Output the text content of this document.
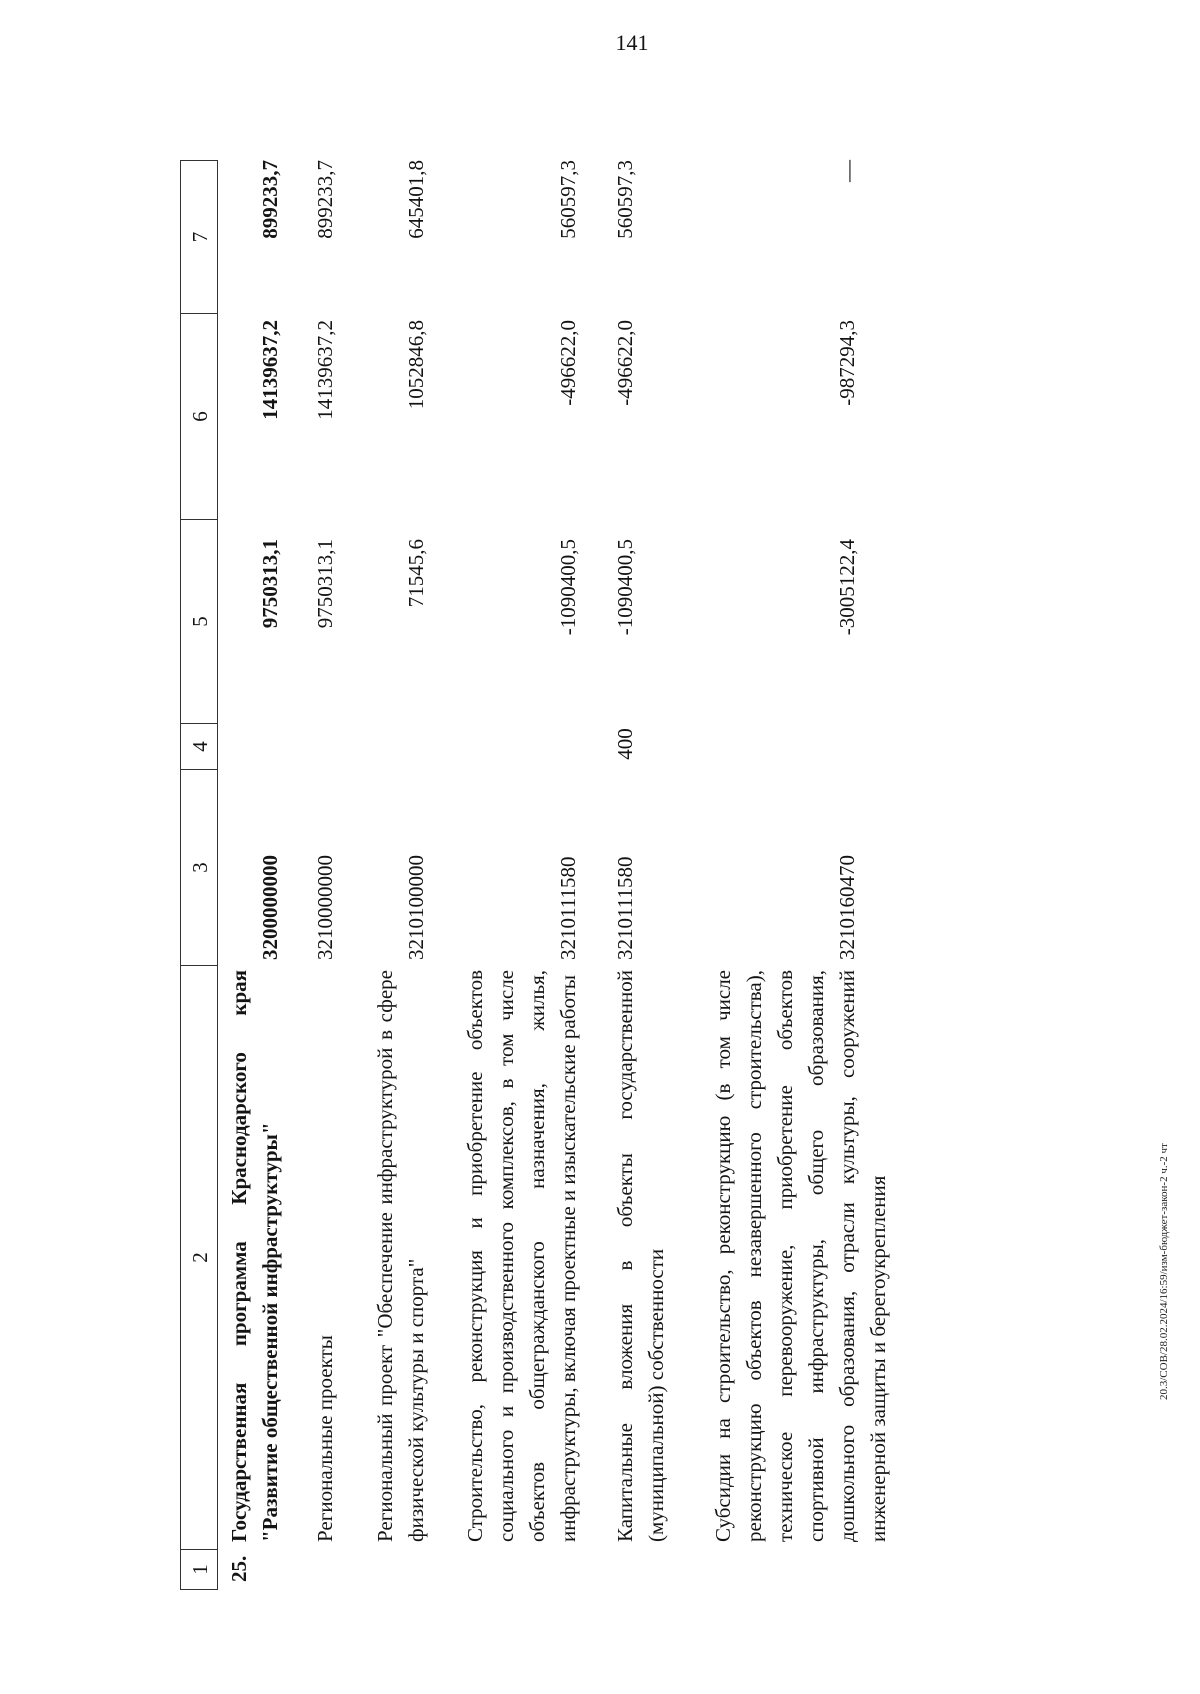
141
1
2
3
4
5
6
7
25.
Государственная программа Краснодарского края "Развитие общественной инфраструктуры"
3200000000
9750313,1
14139637,2
899233,7
Региональные проекты
3210000000
9750313,1
14139637,2
899233,7
Региональный проект "Обеспечение инфраструктурой в сфере физической культуры и спорта"
3210100000
71545,6
1052846,8
645401,8
Строительство, реконструкция и приобретение объектов социального и производственного комплексов, в том числе объектов общегражданского назначения, жилья, инфраструктуры, включая проектные и изыскательские работы
3210111580
-1090400,5
-496622,0
560597,3
Капитальные вложения в объекты государственной (муниципальной) собственности
3210111580
400
-1090400,5
-496622,0
560597,3
Субсидии на строительство, реконструкцию (в том числе реконструкцию объектов незавершенного строительства), техническое перевооружение, приобретение объектов спортивной инфраструктуры, общего образования, дошкольного образования, отрасли культуры, сооружений инженерной защиты и берегоукрепления
3210160470
-3005122,4
-987294,3
—
20.3/СОВ/28.02.2024/16:59/изм-бюджет-закон-2 ч.-2 чт
